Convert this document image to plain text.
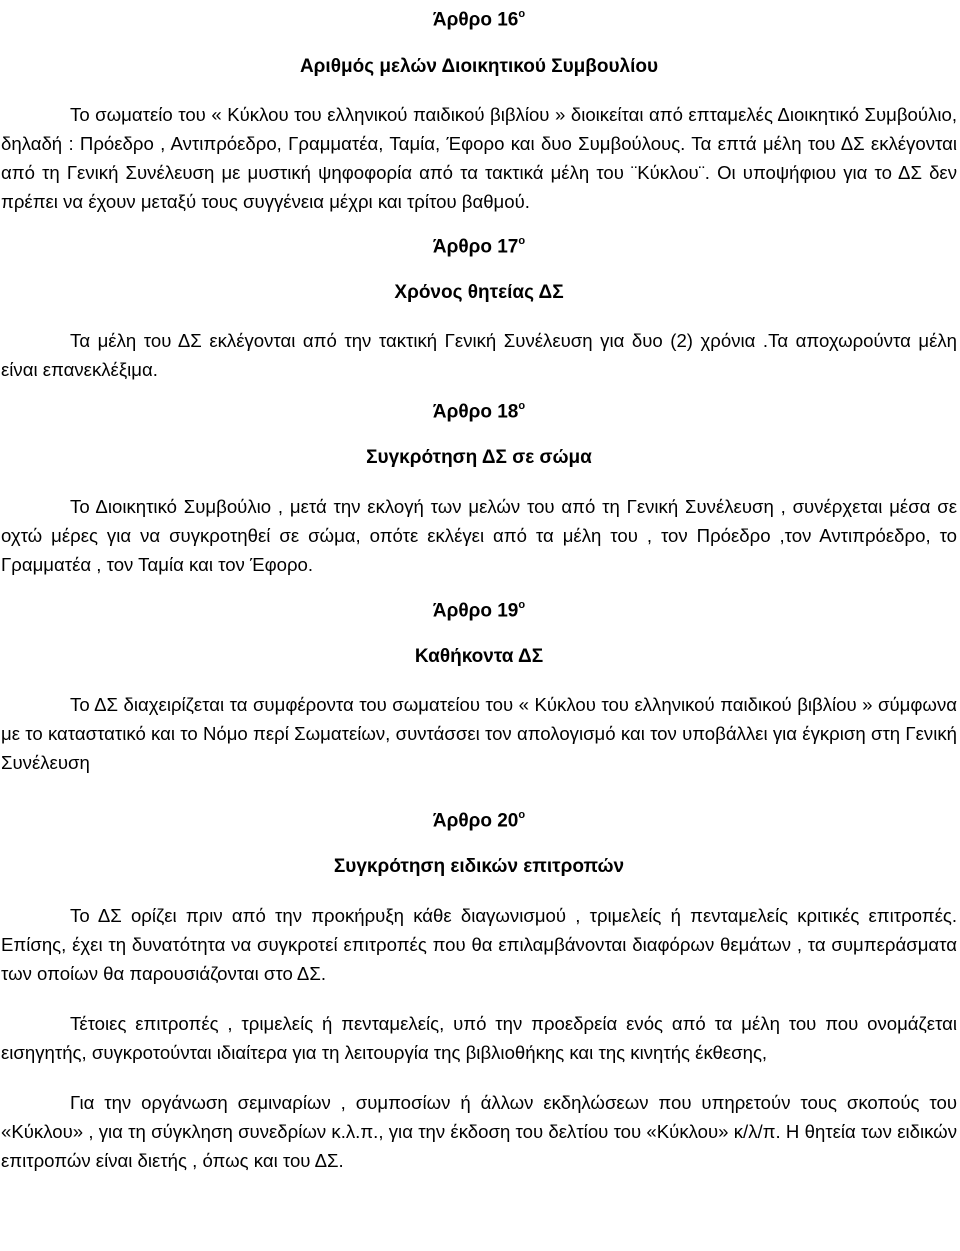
Άρθρο $16^o$
Αριθμός μελών Διοικητικού Συμβουλίου

Το σωματείο του « Κύκλου του ελληνικού παιδικού βιβλίου » διοικείται από επταμελές Διοικητικό Συμβούλιο, δηλαδή : Πρόεδρο , Αντιπρόεδρο, Γραμματέα, Ταμία, Έφορο και δυο Συμβούλους. Τα επτά μέλη του ΔΣ εκλέγονται από τη Γενική Συνέλευση με μυστική ψηφοφορία από τα τακτικά μέλη του ¨Κύκλου¨. Οι υποψήφιου για το ΔΣ δεν πρέπει να έχουν μεταξύ τους συγγένεια μέχρι και τρίτου βαθμού.

Άρθρο $17^o$
Χρόνος θητείας ΔΣ

Τα μέλη του ΔΣ εκλέγονται από την τακτική Γενική Συνέλευση για δυο (2) χρόνια .Τα αποχωρούντα μέλη είναι επανεκλέξιμα.

Άρθρο $18^o$
Συγκρότηση ΔΣ σε σώμα

Το Διοικητικό Συμβούλιο , μετά την εκλογή των μελών του από τη Γενική Συνέλευση , συνέρχεται μέσα σε οχτώ μέρες για να συγκροτηθεί σε σώμα, οπότε εκλέγει από τα μέλη του , τον Πρόεδρο ,τον Αντιπρόεδρο, το Γραμματέα , τον Ταμία και τον Έφορο.

Άρθρο $19^o$
Καθήκοντα ΔΣ

Το ΔΣ διαχειρίζεται τα συμφέροντα του σωματείου του « Κύκλου του ελληνικού παιδικού βιβλίου » σύμφωνα με το καταστατικό και το Νόμο περί Σωματείων, συντάσσει τον απολογισμό και τον υποβάλλει για έγκριση στη Γενική Συνέλευση

Άρθρο $20^o$
Συγκρότηση ειδικών επιτροπών

Το ΔΣ ορίζει πριν από την προκήρυξη κάθε διαγωνισμού , τριμελείς ή πενταμελείς κριτικές επιτροπές. Επίσης, έχει τη δυνατότητα να συγκροτεί επιτροπές που θα επιλαμβάνονται διαφόρων θεμάτων , τα συμπεράσματα των οποίων θα παρουσιάζονται στο ΔΣ.

Τέτοιες επιτροπές , τριμελείς ή πενταμελείς, υπό την προεδρεία ενός από τα μέλη του που ονομάζεται εισηγητής, συγκροτούνται ιδιαίτερα για τη λειτουργία της βιβλιοθήκης και της κινητής έκθεσης,

Για την οργάνωση σεμιναρίων , συμποσίων ή άλλων εκδηλώσεων που υπηρετούν τους σκοπούς του «Κύκλου» , για τη σύγκληση συνεδρίων κ.λ.π., για την έκδοση του δελτίου του «Κύκλου» κ/λ/π. Η θητεία των ειδικών επιτροπών είναι διετής , όπως και του ΔΣ.
